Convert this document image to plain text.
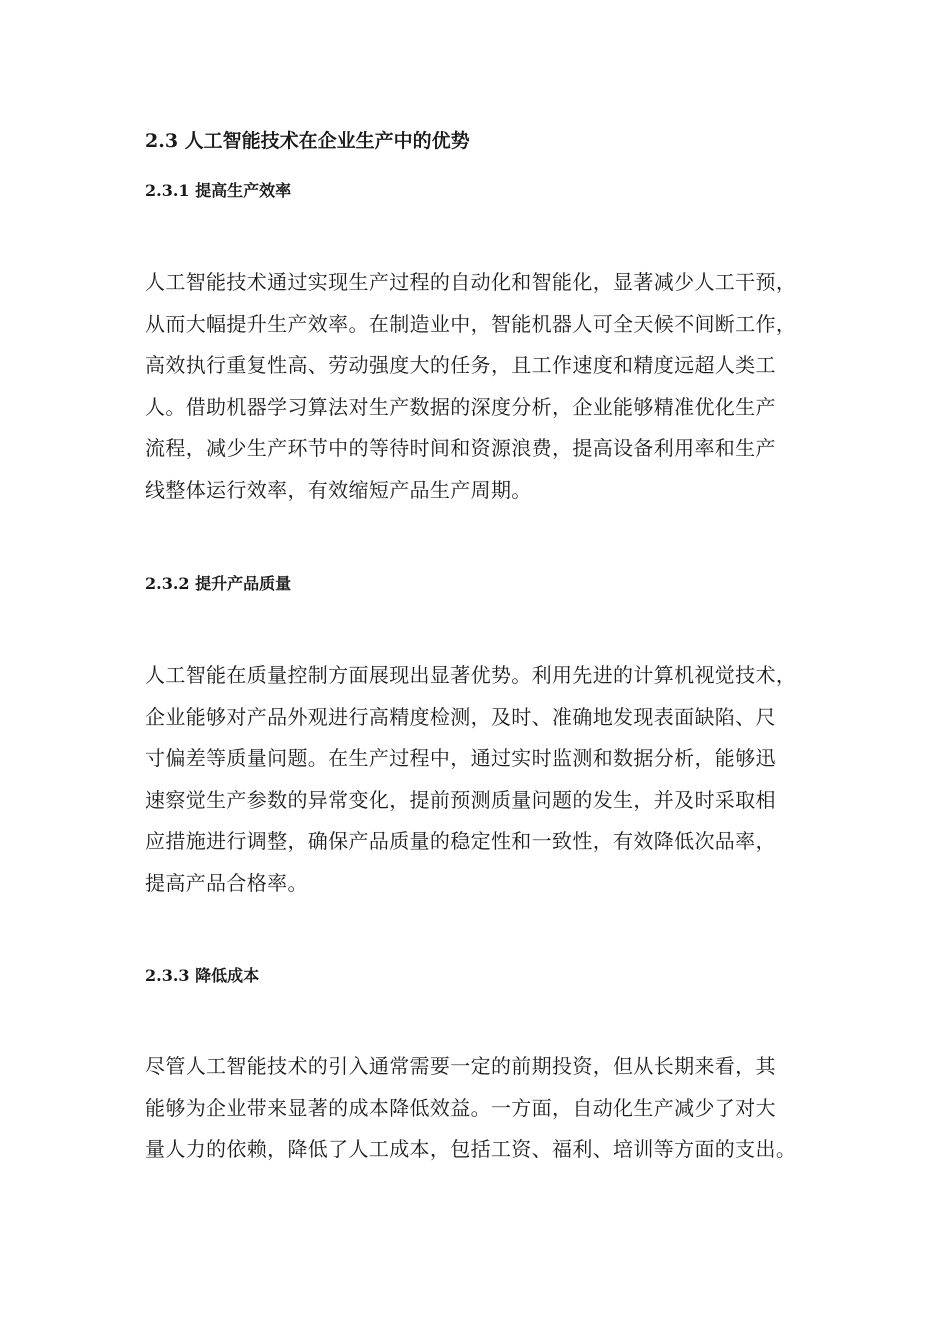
2.3 人工智能技术在企业生产中的优势
2.3.1 提高生产效率
人工智能技术通过实现生产过程的自动化和智能化，显著减少人工干预，
从而大幅提升生产效率。在制造业中，智能机器人可全天候不间断工作，
高效执行重复性高、劳动强度大的任务，且工作速度和精度远超人类工
人。借助机器学习算法对生产数据的深度分析，企业能够精准优化生产
流程，减少生产环节中的等待时间和资源浪费，提高设备利用率和生产
线整体运行效率，有效缩短产品生产周期。
2.3.2 提升产品质量
人工智能在质量控制方面展现出显著优势。利用先进的计算机视觉技术，
企业能够对产品外观进行高精度检测，及时、准确地发现表面缺陷、尺
寸偏差等质量问题。在生产过程中，通过实时监测和数据分析，能够迅
速察觉生产参数的异常变化，提前预测质量问题的发生，并及时采取相
应措施进行调整，确保产品质量的稳定性和一致性，有效降低次品率，
提高产品合格率。
2.3.3 降低成本
尽管人工智能技术的引入通常需要一定的前期投资，但从长期来看，其
能够为企业带来显著的成本降低效益。一方面，自动化生产减少了对大
量人力的依赖，降低了人工成本，包括工资、福利、培训等方面的支出。
